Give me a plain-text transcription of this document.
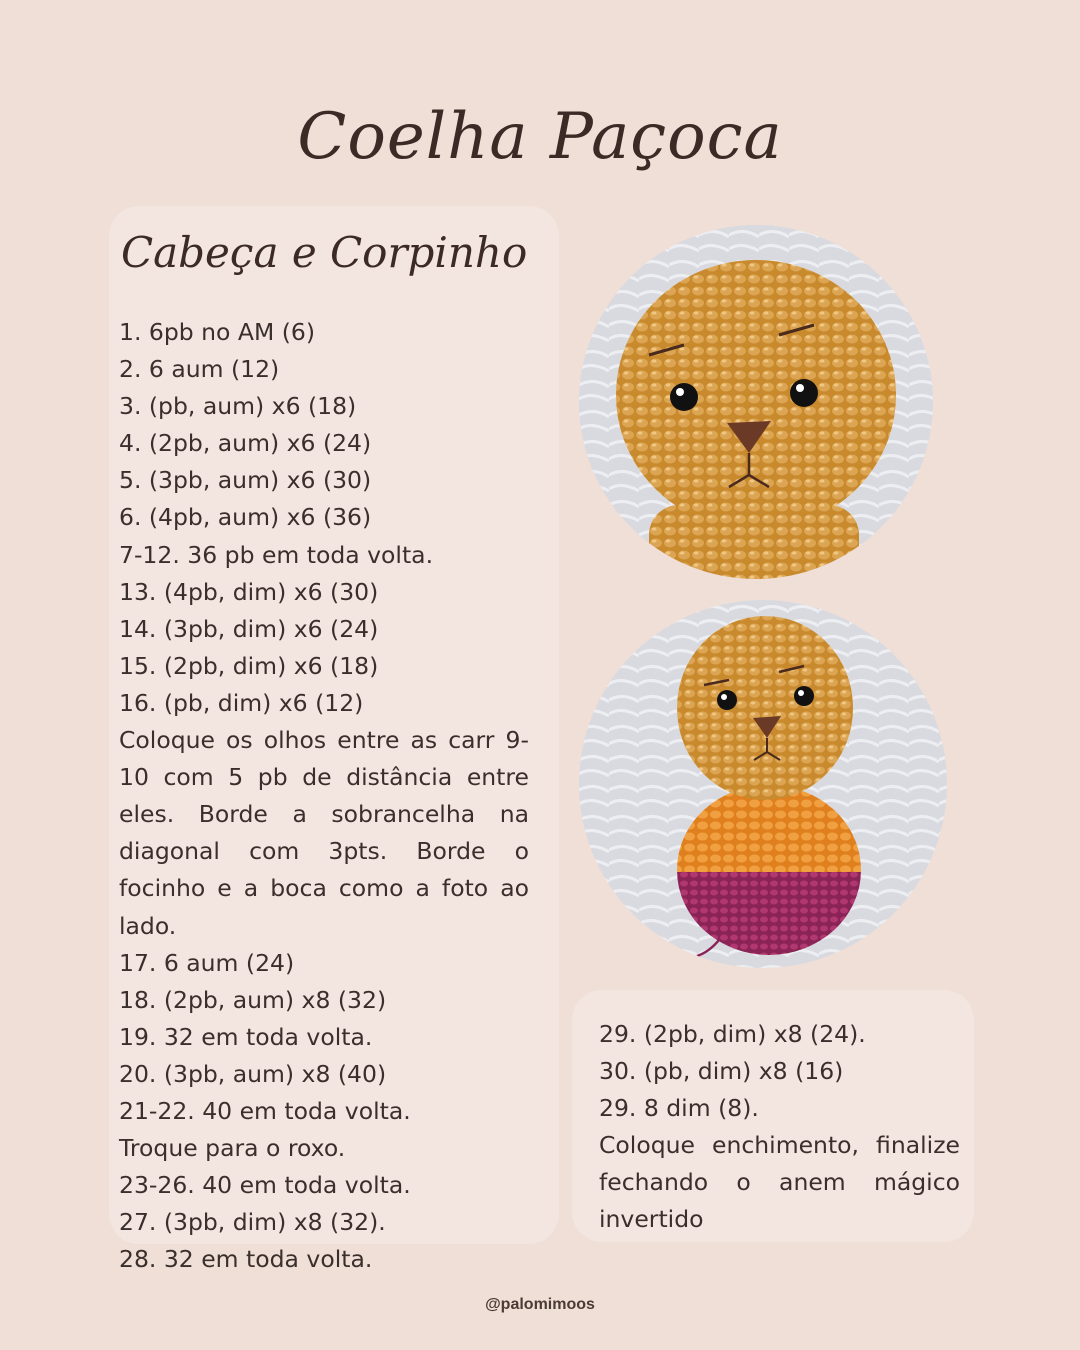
Coelha Paçoca
Cabeça e Corpinho
1. 6pb no AM (6)
2. 6 aum (12)
3. (pb, aum) x6 (18)
4. (2pb, aum) x6 (24)
5. (3pb, aum) x6 (30)
6. (4pb, aum) x6 (36)
7-12. 36 pb em toda volta.
13. (4pb, dim) x6 (30)
14. (3pb, dim) x6 (24)
15. (2pb, dim) x6 (18)
16. (pb, dim) x6 (12)
Coloque os olhos entre as carr 9-10 com 5 pb de distância entre eles. Borde a sobrancelha na diagonal com 3pts. Borde o focinho e a boca como a foto ao lado.
17. 6 aum (24)
18. (2pb, aum) x8 (32)
19. 32 em toda volta.
20. (3pb, aum) x8 (40)
21-22. 40 em toda volta.
Troque para o roxo.
23-26. 40 em toda volta.
27. (3pb, dim) x8 (32).
28. 32 em toda volta.
29. (2pb, dim) x8 (24).
30. (pb, dim) x8 (16)
29. 8 dim (8).
Coloque enchimento, finalize fechando o anem mágico invertido
@palomimoos
